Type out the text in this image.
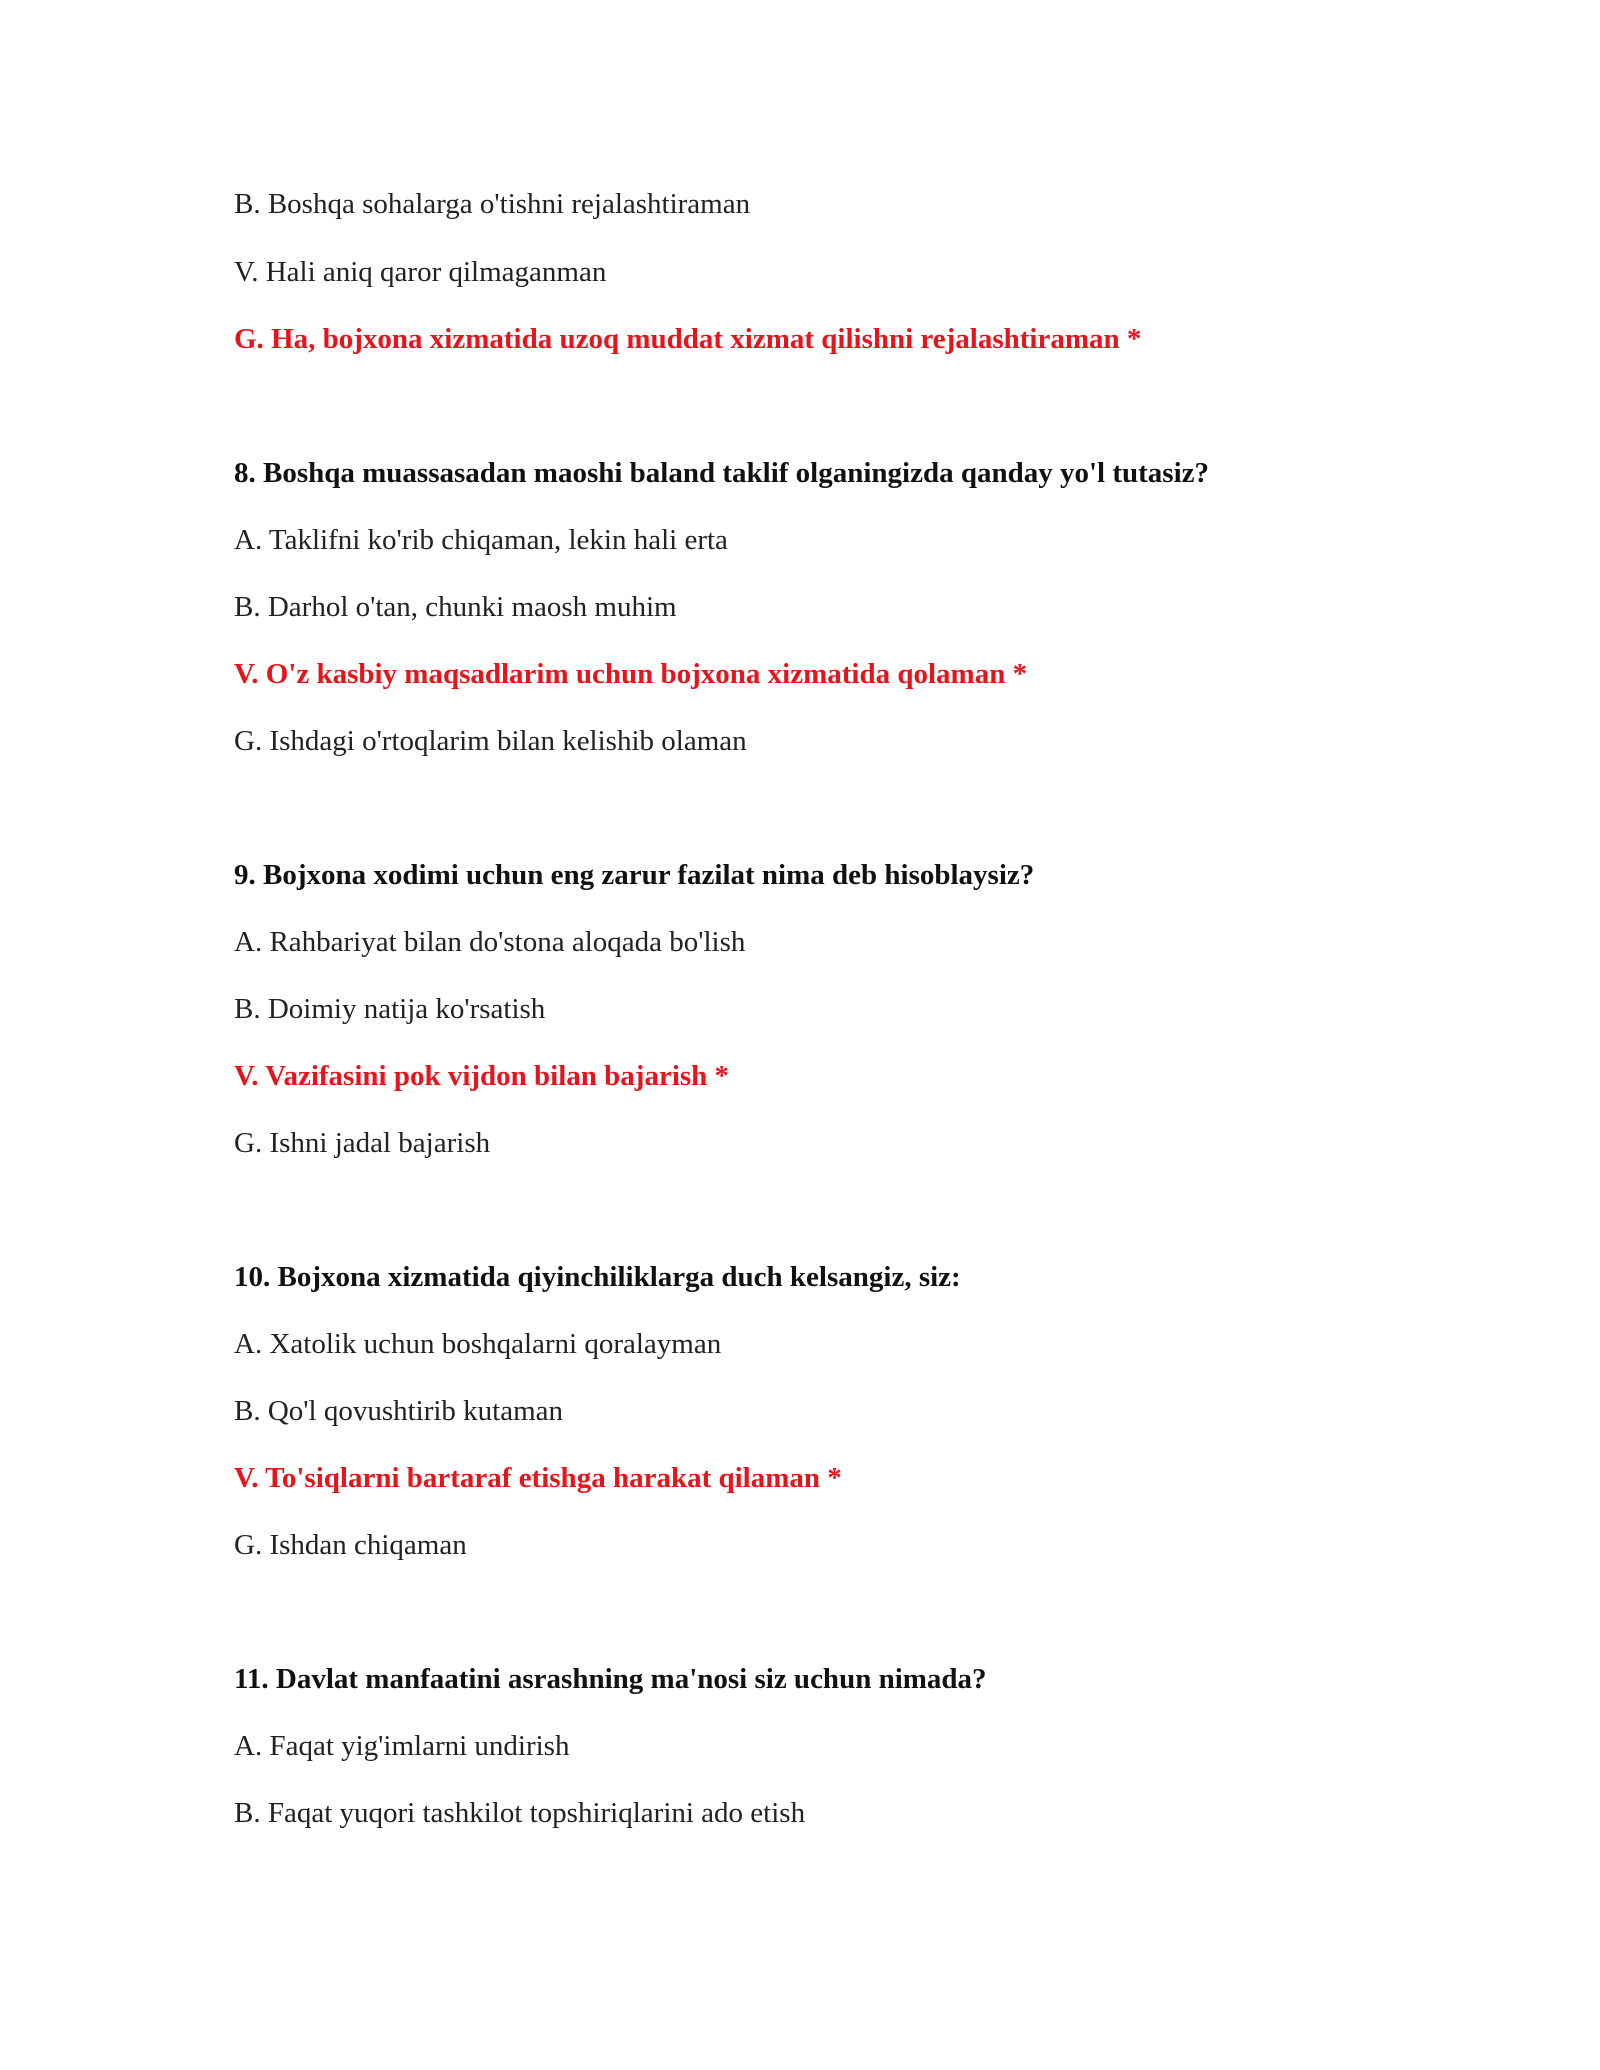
B. Boshqa sohalarga o'tishni rejalashtiraman
V. Hali aniq qaror qilmaganman
G. Ha, bojxona xizmatida uzoq muddat xizmat qilishni rejalashtiraman *
8. Boshqa muassasadan maoshi baland taklif olganingizda qanday yo'l tutasiz?
A. Taklifni ko'rib chiqaman, lekin hali erta
B. Darhol o'tan, chunki maosh muhim
V. O'z kasbiy maqsadlarim uchun bojxona xizmatida qolaman *
G. Ishdagi o'rtoqlarim bilan kelishib olaman
9. Bojxona xodimi uchun eng zarur fazilat nima deb hisoblaysiz?
A. Rahbariyat bilan do'stona aloqada bo'lish
B. Doimiy natija ko'rsatish
V. Vazifasini pok vijdon bilan bajarish *
G. Ishni jadal bajarish
10. Bojxona xizmatida qiyinchiliklarga duch kelsangiz, siz:
A. Xatolik uchun boshqalarni qoralayman
B. Qo'l qovushtirib kutaman
V. To'siqlarni bartaraf etishga harakat qilaman *
G. Ishdan chiqaman
11. Davlat manfaatini asrashning ma'nosi siz uchun nimada?
A. Faqat yig'imlarni undirish
B. Faqat yuqori tashkilot topshiriqlarini ado etish
